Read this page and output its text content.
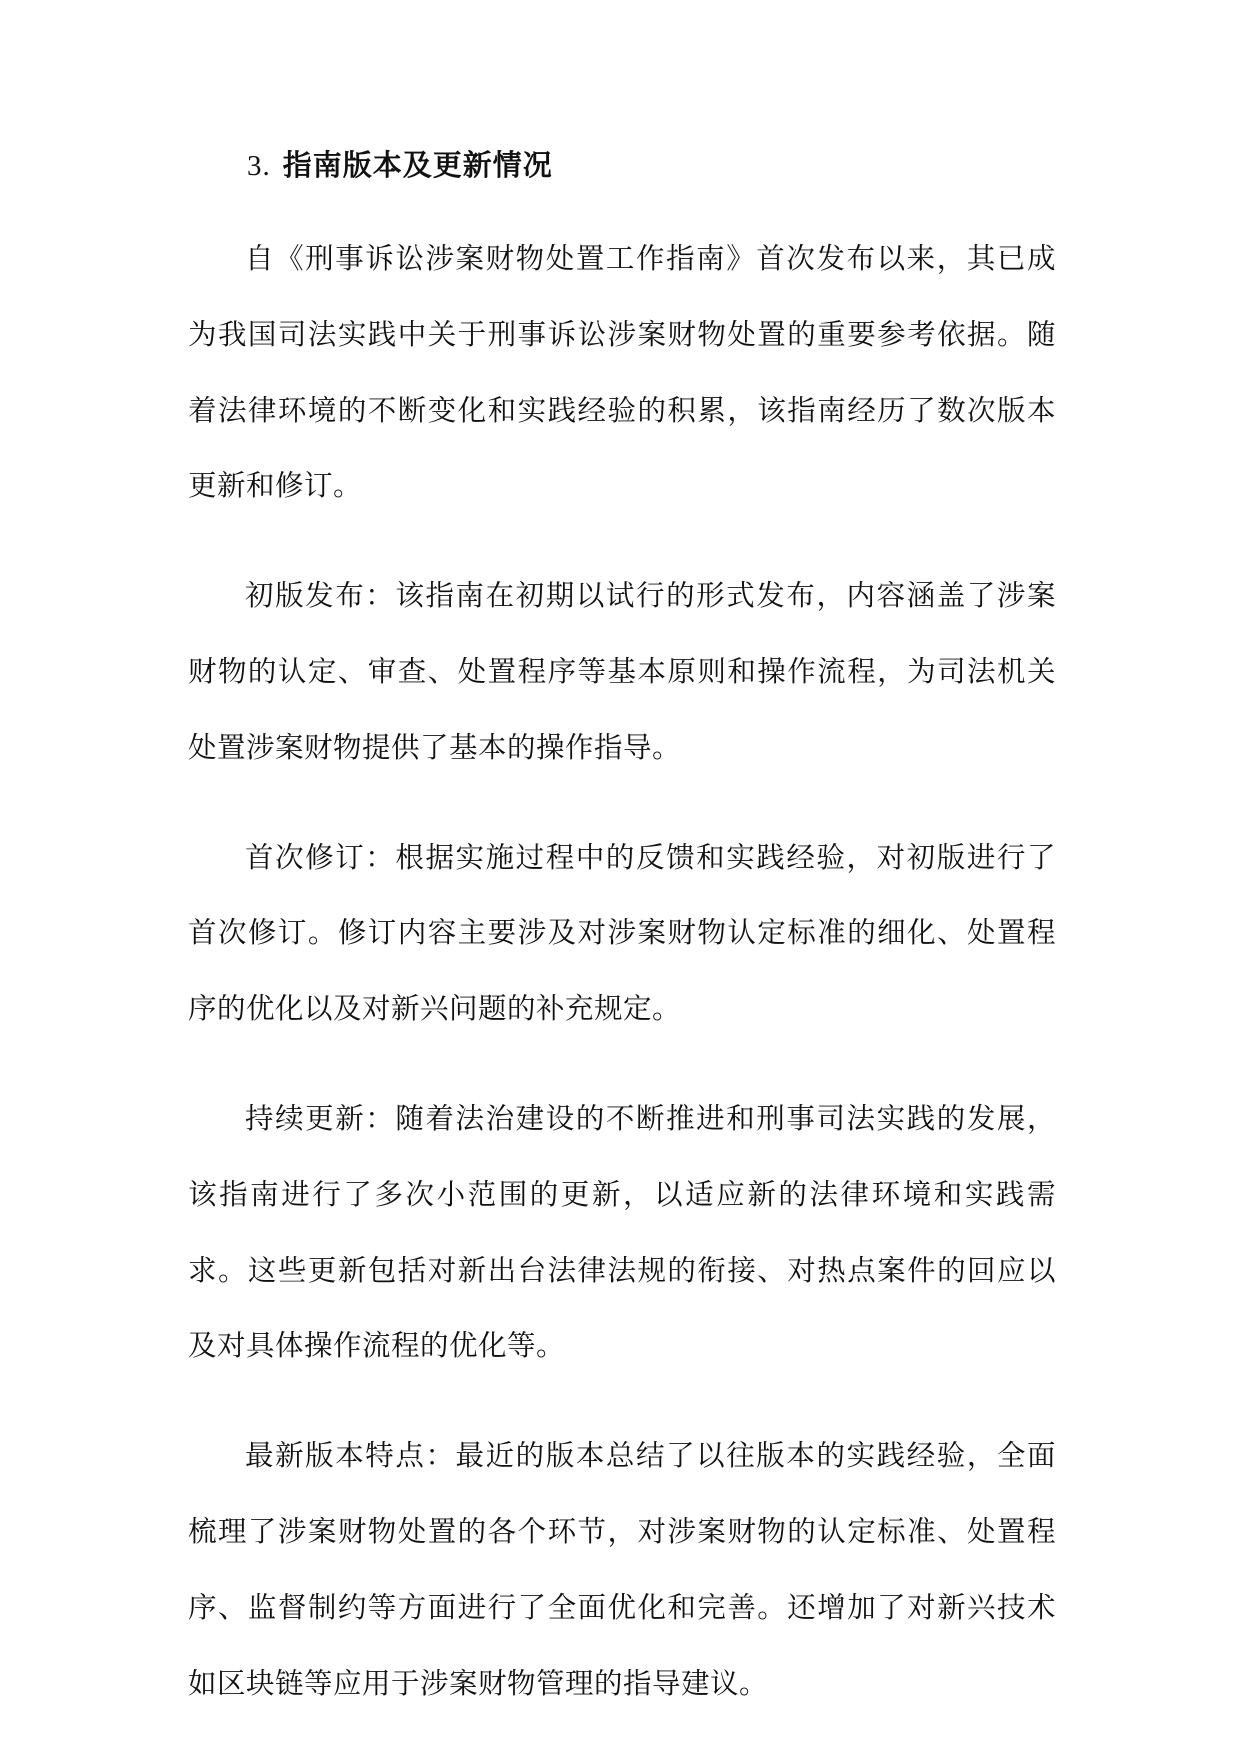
3. 指南版本及更新情况

自《刑事诉讼涉案财物处置工作指南》首次发布以来，其已成为我国司法实践中关于刑事诉讼涉案财物处置的重要参考依据。随着法律环境的不断变化和实践经验的积累，该指南经历了数次版本更新和修订。

初版发布：该指南在初期以试行的形式发布，内容涵盖了涉案财物的认定、审查、处置程序等基本原则和操作流程，为司法机关处置涉案财物提供了基本的操作指导。

首次修订：根据实施过程中的反馈和实践经验，对初版进行了首次修订。修订内容主要涉及对涉案财物认定标准的细化、处置程序的优化以及对新兴问题的补充规定。

持续更新：随着法治建设的不断推进和刑事司法实践的发展，该指南进行了多次小范围的更新，以适应新的法律环境和实践需求。这些更新包括对新出台法律法规的衔接、对热点案件的回应以及对具体操作流程的优化等。

最新版本特点：最近的版本总结了以往版本的实践经验，全面梳理了涉案财物处置的各个环节，对涉案财物的认定标准、处置程序、监督制约等方面进行了全面优化和完善。还增加了对新兴技术如区块链等应用于涉案财物管理的指导建议。
